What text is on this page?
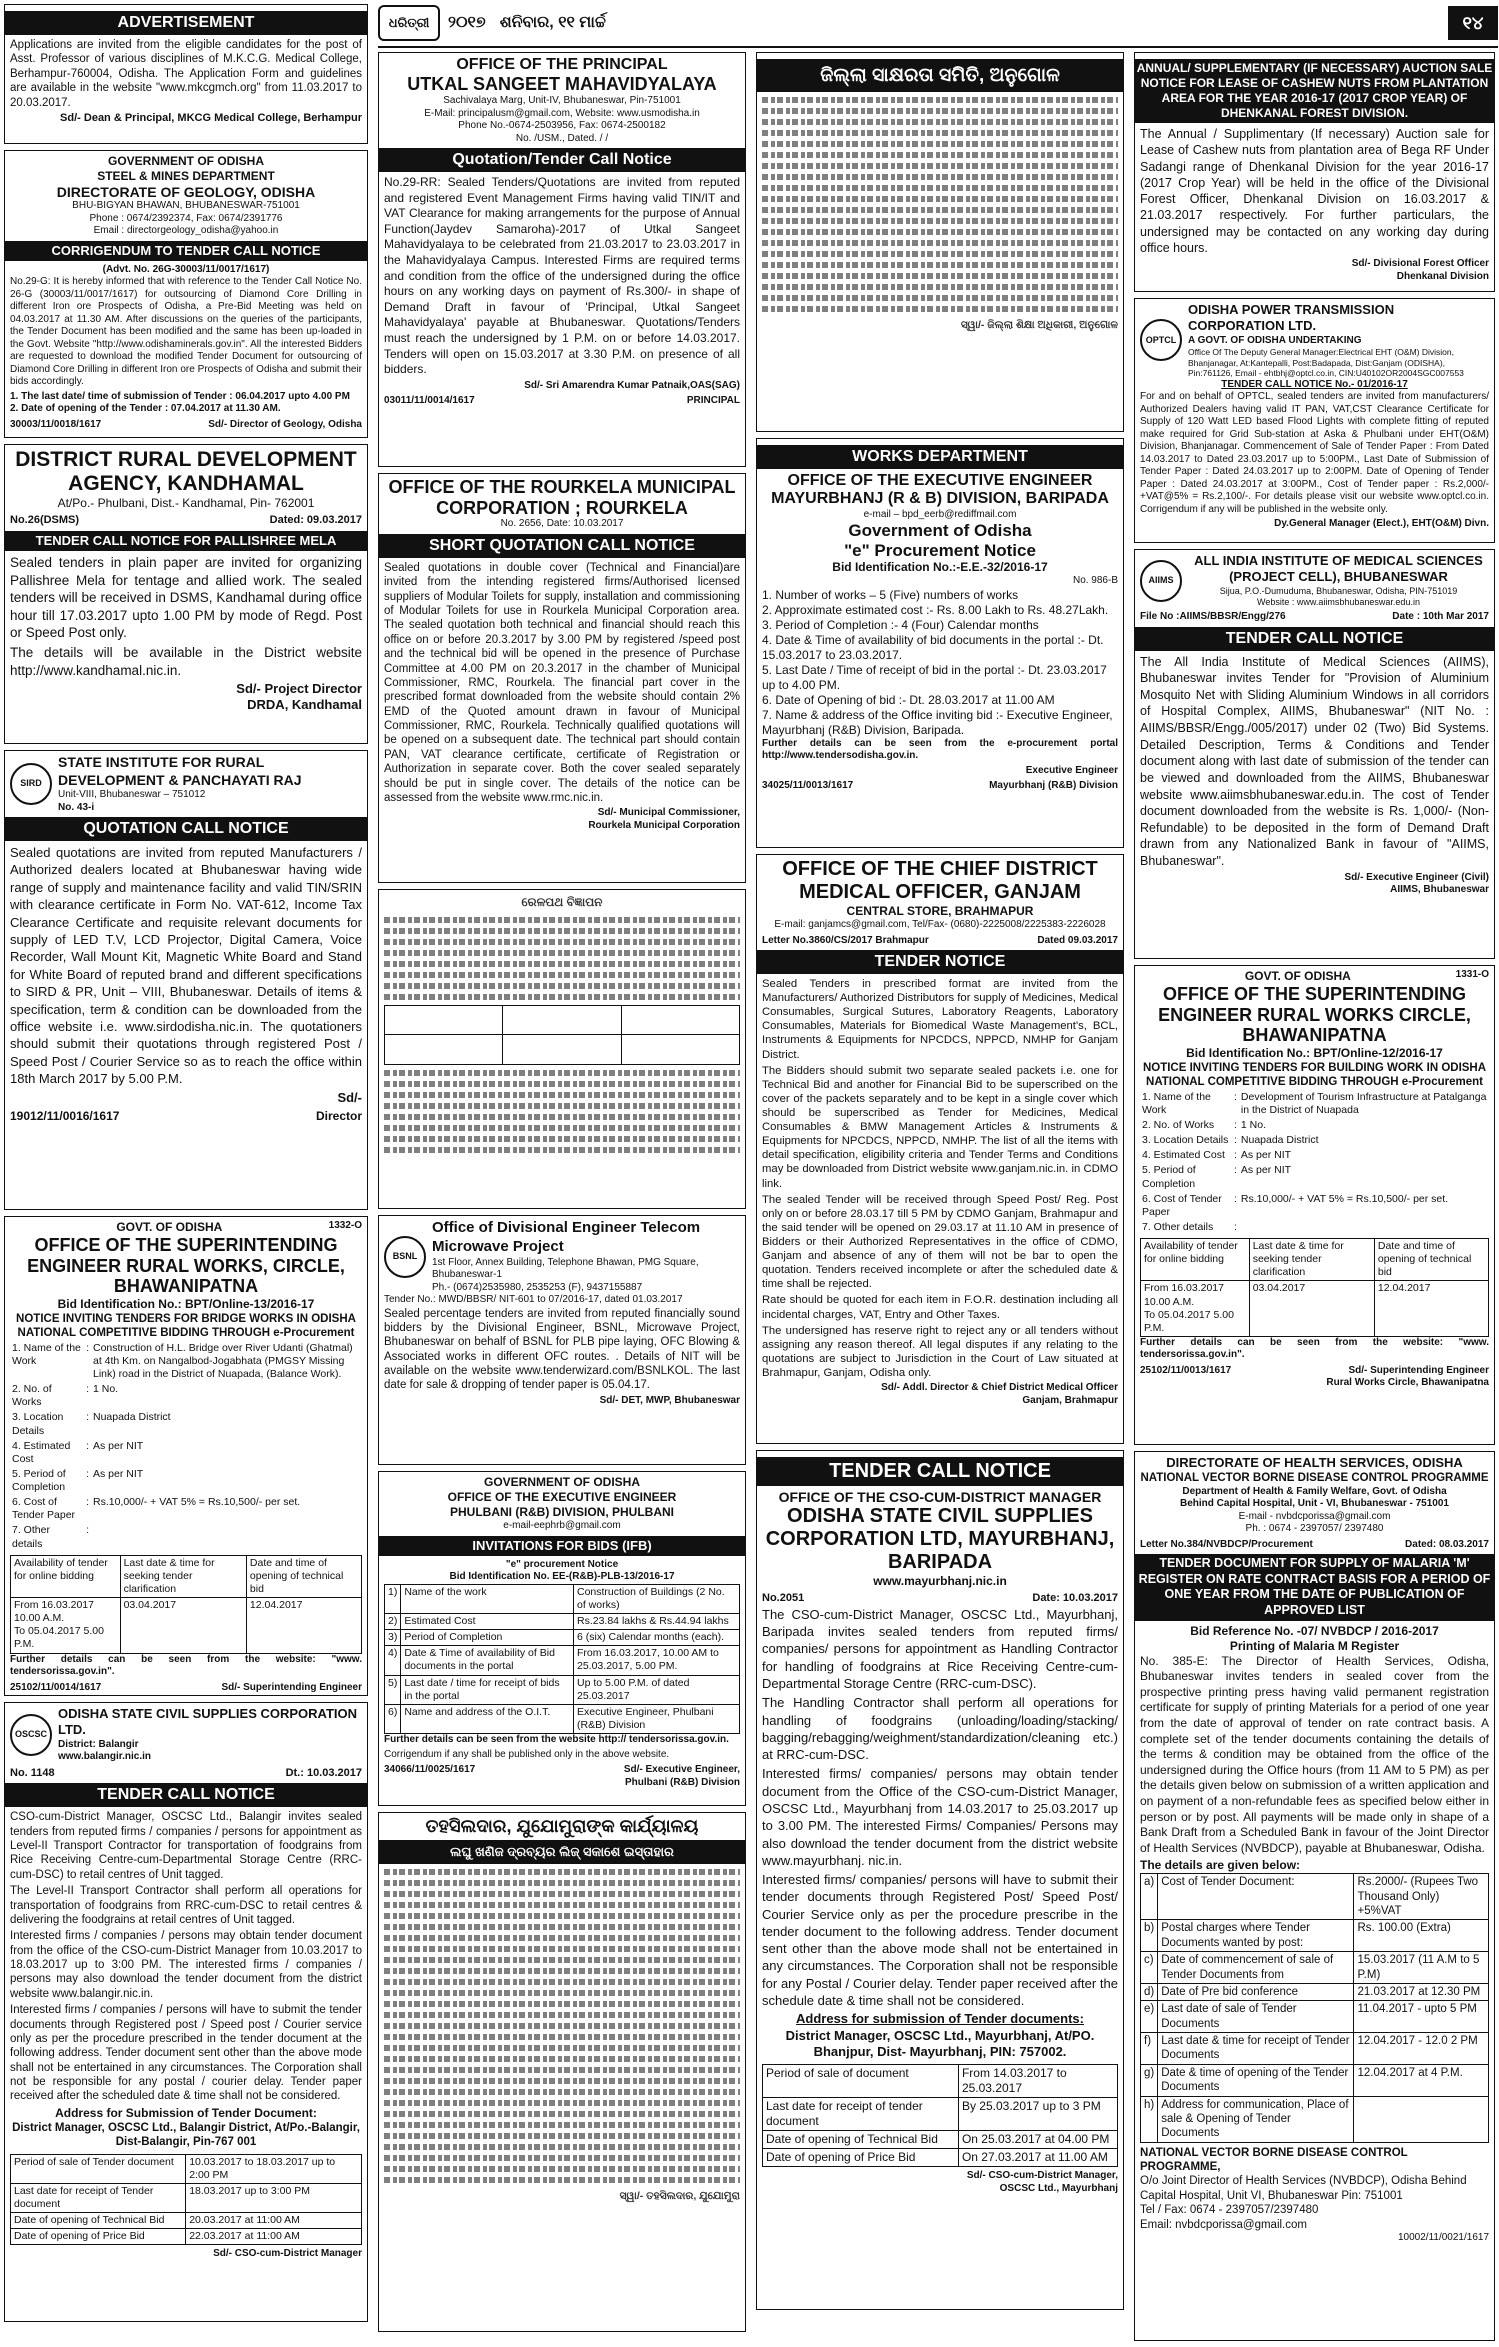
ଧରିତ୍ରୀ	୨୦୧୭ ଶନିବାର, ୧୧ ମାର୍ଚ୍ଚ	୧୪
ADVERTISEMENT

Applications are invited from the eligible candidates for the post of Asst. Professor of various disciplines of M.K.C.G. Medical College, Berhampur-760004, Odisha. The Application Form and guidelines are available in the website "www.mkcgmch.org" from 11.03.2017 to 20.03.2017.

Sd/- Dean & Principal, MKCG Medical College, Berhampur
GOVERNMENT OF ODISHA
STEEL & MINES DEPARTMENT
DIRECTORATE OF GEOLOGY, ODISHA
BHU-BIGYAN BHAWAN, BHUBANESWAR-751001
Phone : 0674/2392374, Fax: 0674/2391776
Email : directorgeology_odisha@yahoo.in
CORRIGENDUM TO TENDER CALL NOTICE
(Advt. No. 26G-30003/11/0017/1617)

No.29-G: It is hereby informed that with reference to the Tender Call Notice No. 26-G (30003/11/0017/1617) for outsourcing of Diamond Core Drilling in different Iron ore Prospects of Odisha, a Pre-Bid Meeting was held on 04.03.2017 at 11.30 AM. After discussions on the queries of the participants, the Tender Document has been modified and the same has been up-loaded in the Govt. Website "http://www.odishaminerals.gov.in". All the interested Bidders are requested to download the modified Tender Document for outsourcing of Diamond Core Drilling in different Iron ore Prospects of Odisha and submit their bids accordingly.

1. The last date/ time of submission of Tender : 06.04.2017 upto 4.00 PM
2. Date of opening of the Tender : 07.04.2017 at 11.30 AM.
30003/11/0018/1617	Sd/- Director of Geology, Odisha
DISTRICT RURAL DEVELOPMENT AGENCY, KANDHAMAL
At/Po.- Phulbani, Dist.- Kandhamal, Pin- 762001
No.26(DSMS)	Dated: 09.03.2017
TENDER CALL NOTICE FOR PALLISHREE MELA

Sealed tenders in plain paper are invited for organizing Pallishree Mela for tentage and allied work. The sealed tenders will be received in DSMS, Kandhamal during office hour till 17.03.2017 upto 1.00 PM by mode of Regd. Post or Speed Post only.

The details will be available in the District website http://www.kandhamal.nic.in.

Sd/- Project Director
DRDA, Kandhamal
SIRD
STATE INSTITUTE FOR RURAL
DEVELOPMENT & PANCHAYATI RAJ
Unit-VIII, Bhubaneswar – 751012
No. 43-i
QUOTATION CALL NOTICE

Sealed quotations are invited from reputed Manufacturers / Authorized dealers located at Bhubaneswar having wide range of supply and maintenance facility and valid TIN/SRIN with clearance certificate in Form No. VAT-612, Income Tax Clearance Certificate and requisite relevant documents for supply of LED T.V, LCD Projector, Digital Camera, Voice Recorder, Wall Mount Kit, Magnetic White Board and Stand for White Board of reputed brand and different specifications to SIRD & PR, Unit – VIII, Bhubaneswar. Details of items & specification, term & condition can be downloaded from the office website i.e. www.sirdodisha.nic.in. The quotationers should submit their quotations through registered Post / Speed Post / Courier Service so as to reach the office within 18th March 2017 by 5.00 P.M.

Sd/-
19012/11/0016/1617	Director
GOVT. OF ODISHA	1332-O
OFFICE OF THE SUPERINTENDING ENGINEER RURAL WORKS, CIRCLE, BHAWANIPATNA
Bid Identification No.: BPT/Online-13/2016-17
NOTICE INVITING TENDERS FOR BRIDGE WORKS IN ODISHA NATIONAL COMPETITIVE BIDDING THROUGH e-Procurement
1. Name of the Work	:	Construction of H.L. Bridge over River Udanti (Ghatmal) at 4th Km. on Nangalbod-Jogabhata (PMGSY Missing Link) road in the District of Nuapada, (Balance Work).
2. No. of Works	:	1 No.
3. Location Details	:	Nuapada District
4. Estimated Cost	:	As per NIT
5. Period of Completion	:	As per NIT
6. Cost of Tender Paper	:	Rs.10,000/- + VAT 5% = Rs.10,500/- per set.
7. Other details	:	
Availability of tender for online bidding	Last date & time for seeking tender clarification	Date and time of opening of technical bid

From 16.03.2017 10.00 A.M.
To 05.04.2017 5.00 P.M.	03.04.2017	12.04.2017

Further details can be seen from the website: "www. tendersorissa.gov.in".

25102/11/0014/1617	Sd/- Superintending Engineer
OSCSC
ODISHA STATE CIVIL SUPPLIES CORPORATION LTD.
District: Balangir
www.balangir.nic.in
No. 1148	Dt.: 10.03.2017
TENDER CALL NOTICE

CSO-cum-District Manager, OSCSC Ltd., Balangir invites sealed tenders from reputed firms / companies / persons for appointment as Level-II Transport Contractor for transportation of foodgrains from Rice Receiving Centre-cum-Departmental Storage Centre (RRC-cum-DSC) to retail centres of Unit tagged.

The Level-II Transport Contractor shall perform all operations for transportation of foodgrains from RRC-cum-DSC to retail centres & delivering the foodgrains at retail centres of Unit tagged.

Interested firms / companies / persons may obtain tender document from the office of the CSO-cum-District Manager from 10.03.2017 to 18.03.2017 up to 3:00 PM. The interested firms / companies / persons may also download the tender document from the district website www.balangir.nic.in.

Interested firms / companies / persons will have to submit the tender documents through Registered post / Speed post / Courier service only as per the procedure prescribed in the tender document at the following address. Tender document sent other than the above mode shall not be entertained in any circumstances. The Corporation shall not be responsible for any postal / courier delay. Tender paper received after the scheduled date & time shall not be considered.

Address for Submission of Tender Document:
District Manager, OSCSC Ltd., Balangir District, At/Po.-Balangir, Dist-Balangir, Pin-767 001
Period of sale of Tender document	10.03.2017 to 18.03.2017 up to 2:00 PM
Last date for receipt of Tender document	18.03.2017 up to 3:00 PM
Date of opening of Technical Bid	20.03.2017 at 11:00 AM
Date of opening of Price Bid	22.03.2017 at 11:00 AM
Sd/- CSO-cum-District Manager
OFFICE OF THE PRINCIPAL
UTKAL SANGEET MAHAVIDYALAYA
Sachivalaya Marg, Unit-IV, Bhubaneswar, Pin-751001
E-Mail: principalusm@gmail.com, Website: www.usmodisha.in
Phone No.-0674-2503956, Fax: 0674-2500182
No. /USM., Dated. / /
Quotation/Tender Call Notice

No.29-RR: Sealed Tenders/Quotations are invited from reputed and registered Event Management Firms having valid TIN/IT and VAT Clearance for making arrangements for the purpose of Annual Function(Jaydev Samaroha)-2017 of Utkal Sangeet Mahavidyalaya to be celebrated from 21.03.2017 to 23.03.2017 in the Mahavidyalaya Campus. Interested Firms are required terms and condition from the office of the undersigned during the office hours on any working days on payment of Rs.300/- in shape of Demand Draft in favour of 'Principal, Utkal Sangeet Mahavidyalaya' payable at Bhubaneswar. Quotations/Tenders must reach the undersigned by 1 P.M. on or before 14.03.2017. Tenders will open on 15.03.2017 at 3.30 P.M. on presence of all bidders.

Sd/- Sri Amarendra Kumar Patnaik,OAS(SAG)
03011/11/0014/1617	PRINCIPAL
OFFICE OF THE ROURKELA MUNICIPAL CORPORATION ; ROURKELA
No. 2656, Date: 10.03.2017
SHORT QUOTATION CALL NOTICE

Sealed quotations in double cover (Technical and Financial)are invited from the intending registered firms/Authorised licensed suppliers of Modular Toilets for supply, installation and commissioning of Modular Toilets for use in Rourkela Municipal Corporation area. The sealed quotation both technical and financial should reach this office on or before 20.3.2017 by 3.00 PM by registered /speed post and the technical bid will be opened in the presence of Purchase Committee at 4.00 PM on 20.3.2017 in the chamber of Municipal Commissioner, RMC, Rourkela. The financial part cover in the prescribed format downloaded from the website should contain 2% EMD of the Quoted amount drawn in favour of Municipal Commissioner, RMC, Rourkela. Technically qualified quotations will be opened on a subsequent date. The technical part should contain PAN, VAT clearance certificate, certificate of Registration or Authorization in separate cover. Both the cover sealed separately should be put in single cover. The details of the notice can be assessed from the website www.rmc.nic.in.

Sd/- Municipal Commissioner,
Rourkela Municipal Corporation
ରେଳପଥ ବିଜ୍ଞାପନ

BSNL
Office of Divisional Engineer Telecom
Microwave Project
1st Floor, Annex Building, Telephone Bhawan, PMG Square, Bhubaneswar-1
Ph.- (0674)2535980, 2535253 (F), 9437155887
Tender No.: MWD/BBSR/ NIT-601 to 07/2016-17, dated 01.03.2017

Sealed percentage tenders are invited from reputed financially sound bidders by the Divisional Engineer, BSNL, Microwave Project, Bhubaneswar on behalf of BSNL for PLB pipe laying, OFC Blowing & Associated works in different OFC routes. . Details of NIT will be available on the website www.tenderwizard.com/BSNLKOL. The last date for sale & dropping of tender paper is 05.04.17.

Sd/- DET, MWP, Bhubaneswar
GOVERNMENT OF ODISHA
OFFICE OF THE EXECUTIVE ENGINEER
PHULBANI (R&B) DIVISION, PHULBANI
e-mail-eephrb@gmail.com
INVITATIONS FOR BIDS (IFB)
"e" procurement Notice
Bid Identification No. EE-(R&B)-PLB-13/2016-17
1)	Name of the work	Construction of Buildings (2 No. of works)
2)	Estimated Cost	Rs.23.84 lakhs & Rs.44.94 lakhs
3)	Period of Completion	6 (six) Calendar months (each).
4)	Date & Time of availability of Bid documents in the portal	From 16.03.2017, 10.00 AM to 25.03.2017, 5.00 PM.
5)	Last date / time for receipt of bids in the portal	Up to 5.00 P.M. of dated 25.03.2017
6)	Name and address of the O.I.T.	Executive Engineer, Phulbani (R&B) Division

Further details can be seen from the website http:// tendersorissa.gov.in.

Corrigendum if any shall be published only in the above website.

34066/11/0025/1617	Sd/- Executive Engineer,
Phulbani (R&B) Division
ତହସିଲଦାର, ଯୁଯୋମୁରାଙ୍କ କାର୍ଯ୍ୟାଳୟ
ଲଘୁ ଖଣିଜ ଦ୍ରବ୍ୟର ଲିଜ୍ ସକାଶେ ଇସ୍ତାହାର
ସ୍ୱା/- ତହସିଲଦାର, ଯୁଯୋମୁରା
ଜିଲ୍ଲା ସାକ୍ଷରତା ସମିତି, ଅନୁଗୋଳ
ସ୍ୱା/- ଜିଲ୍ଲା ଶିକ୍ଷା ଅଧିକାରୀ, ଅନୁଗୋଳ
WORKS DEPARTMENT
OFFICE OF THE EXECUTIVE ENGINEER
MAYURBHANJ (R & B) DIVISION, BARIPADA
e-mail – bpd_eerb@rediffmail.com
Government of Odisha
"e" Procurement Notice
Bid Identification No.:-E.E.-32/2016-17
No. 986-B
1. Number of works – 5 (Five) numbers of works
2. Approximate estimated cost :- Rs. 8.00 Lakh to Rs. 48.27Lakh.
3. Period of Completion :- 4 (Four) Calendar months
4. Date & Time of availability of bid documents in the portal :- Dt. 15.03.2017 to 23.03.2017.
5. Last Date / Time of receipt of bid in the portal :- Dt. 23.03.2017 up to 4.00 PM.
6. Date of Opening of bid :- Dt. 28.03.2017 at 11.00 AM
7. Name & address of the Office inviting bid :- Executive Engineer, Mayurbhanj (R&B) Division, Baripada.

Further details can be seen from the e-procurement portal http://www.tendersodisha.gov.in.

Executive Engineer
34025/11/0013/1617	Mayurbhanj (R&B) Division
OFFICE OF THE CHIEF DISTRICT
MEDICAL OFFICER, GANJAM
CENTRAL STORE, BRAHMAPUR
E-mail: ganjamcs@gmail.com, Tel/Fax- (0680)-2225008/2225383-2226028
Letter No.3860/CS/2017 Brahmapur	Dated 09.03.2017
TENDER NOTICE

Sealed Tenders in prescribed format are invited from the Manufacturers/ Authorized Distributors for supply of Medicines, Medical Consumables, Surgical Sutures, Laboratory Reagents, Laboratory Consumables, Materials for Biomedical Waste Management's, BCL, Instruments & Equipments for NPCDCS, NPPCD, NMHP for Ganjam District.

The Bidders should submit two separate sealed packets i.e. one for Technical Bid and another for Financial Bid to be superscribed on the cover of the packets separately and to be kept in a single cover which should be superscribed as Tender for Medicines, Medical Consumables & BMW Management Articles & Instruments & Equipments for NPCDCS, NPPCD, NMHP. The list of all the items with detail specification, eligibility criteria and Tender Terms and Conditions may be downloaded from District website www.ganjam.nic.in. in CDMO link.

The sealed Tender will be received through Speed Post/ Reg. Post only on or before 28.03.17 till 5 PM by CDMO Ganjam, Brahmapur and the said tender will be opened on 29.03.17 at 11.10 AM in presence of Bidders or their Authorized Representatives in the office of CDMO, Ganjam and absence of any of them will not be bar to open the quotation. Tenders received incomplete or after the scheduled date & time shall be rejected.

Rate should be quoted for each item in F.O.R. destination including all incidental charges, VAT, Entry and Other Taxes.

The undersigned has reserve right to reject any or all tenders without assigning any reason thereof. All legal disputes if any relating to the quotations are subject to Jurisdiction in the Court of Law situated at Brahmapur, Ganjam, Odisha only.

Sd/- Addl. Director & Chief District Medical Officer
Ganjam, Brahmapur
TENDER CALL NOTICE
OFFICE OF THE CSO-CUM-DISTRICT MANAGER
ODISHA STATE CIVIL SUPPLIES CORPORATION LTD, MAYURBHANJ, BARIPADA
www.mayurbhanj.nic.in
No.2051	Date: 10.03.2017

The CSO-cum-District Manager, OSCSC Ltd., Mayurbhanj, Baripada invites sealed tenders from reputed firms/ companies/ persons for appointment as Handling Contractor for handling of foodgrains at Rice Receiving Centre-cum-Departmental Storage Centre (RRC-cum-DSC).

The Handling Contractor shall perform all operations for handling of foodgrains (unloading/loading/stacking/ bagging/rebagging/weighment/standardization/cleaning etc.) at RRC-cum-DSC.

Interested firms/ companies/ persons may obtain tender document from the Office of the CSO-cum-District Manager, OSCSC Ltd., Mayurbhanj from 14.03.2017 to 25.03.2017 up to 3.00 PM. The interested Firms/ Companies/ Persons may also download the tender document from the district website www.mayurbhanj. nic.in.

Interested firms/ companies/ persons will have to submit their tender documents through Registered Post/ Speed Post/ Courier Service only as per the procedure prescribe in the tender document to the following address. Tender document sent other than the above mode shall not be entertained in any circumstances. The Corporation shall not be responsible for any Postal / Courier delay. Tender paper received after the schedule date & time shall not be considered.

Address for submission of Tender documents:
District Manager, OSCSC Ltd., Mayurbhanj, At/PO. Bhanjpur, Dist- Mayurbhanj, PIN: 757002.
Period of sale of document	From 14.03.2017 to 25.03.2017
Last date for receipt of tender document	By 25.03.2017 up to 3 PM
Date of opening of Technical Bid	On 25.03.2017 at 04.00 PM
Date of opening of Price Bid	On 27.03.2017 at 11.00 AM
Sd/- CSO-cum-District Manager,
OSCSC Ltd., Mayurbhanj
ANNUAL/ SUPPLEMENTARY (IF NECESSARY) AUCTION SALE NOTICE FOR LEASE OF CASHEW NUTS FROM PLANTATION AREA FOR THE YEAR 2016-17 (2017 CROP YEAR) OF DHENKANAL FOREST DIVISION.

The Annual / Supplimentary (If necessary) Auction sale for Lease of Cashew nuts from plantation area of Bega RF Under Sadangi range of Dhenkanal Division for the year 2016-17 (2017 Crop Year) will be held in the office of the Divisional Forest Officer, Dhenkanal Division on 16.03.2017 & 21.03.2017 respectively. For further particulars, the undersigned may be contacted on any working day during office hours.

Sd/- Divisional Forest Officer
Dhenkanal Division
OPTCL
ODISHA POWER TRANSMISSION CORPORATION LTD.
A GOVT. OF ODISHA UNDERTAKING
Office Of The Deputy General Manager:Electrical EHT (O&M) Division, Bhanjanagar, At:Kantepalli, Post:Badapada, Dist:Ganjam (ODISHA), Pin:761126, Email - ehtbhj@optcl.co.in, CIN:U40102OR2004SGC007553
TENDER CALL NOTICE No.- 01/2016-17

For and on behalf of OPTCL, sealed tenders are invited from manufacturers/ Authorized Dealers having valid IT PAN, VAT,CST Clearance Certificate for Supply of 120 Watt LED based Flood Lights with complete fitting of reputed make required for Grid Sub-station at Aska & Phulbani under EHT(O&M) Division, Bhanjanagar. Commencement of Sale of Tender Paper : From Dated 14.03.2017 to Dated 23.03.2017 up to 5:00PM., Last Date of Submission of Tender Paper : Dated 24.03.2017 up to 2:00PM. Date of Opening of Tender Paper : Dated 24.03.2017 at 3:00PM., Cost of Tender paper : Rs.2,000/- +VAT@5% = Rs.2,100/-. For details please visit our website www.optcl.co.in. Corrigendum if any will be published in the website only.

Dy.General Manager (Elect.), EHT(O&M) Divn.
AIIMS
ALL INDIA INSTITUTE OF MEDICAL SCIENCES (PROJECT CELL), BHUBANESWAR
Sijua, P.O.-Dumuduma, Bhubaneswar, Odisha, PIN-751019
Website : www.aiimsbhubaneswar.edu.in
File No :AIIMS/BBSR/Engg/276	Date : 10th Mar 2017
TENDER CALL NOTICE

The All India Institute of Medical Sciences (AIIMS), Bhubaneswar invites Tender for "Provision of Aluminium Mosquito Net with Sliding Aluminium Windows in all corridors of Hospital Complex, AIIMS, Bhubaneswar" (NIT No. : AIIMS/BBSR/Engg./005/2017) under 02 (Two) Bid Systems. Detailed Description, Terms & Conditions and Tender document along with last date of submission of the tender can be viewed and downloaded from the AIIMS, Bhubaneswar website www.aiimsbhubaneswar.edu.in. The cost of Tender document downloaded from the website is Rs. 1,000/- (Non-Refundable) to be deposited in the form of Demand Draft drawn from any Nationalized Bank in favour of "AIIMS, Bhubaneswar".

Sd/- Executive Engineer (Civil)
AIIMS, Bhubaneswar
GOVT. OF ODISHA	1331-O
OFFICE OF THE SUPERINTENDING ENGINEER RURAL WORKS CIRCLE, BHAWANIPATNA
Bid Identification No.: BPT/Online-12/2016-17
NOTICE INVITING TENDERS FOR BUILDING WORK IN ODISHA NATIONAL COMPETITIVE BIDDING THROUGH e-Procurement
1. Name of the Work	:	Development of Tourism Infrastructure at Patalganga in the District of Nuapada
2. No. of Works	:	1 No.
3. Location Details	:	Nuapada District
4. Estimated Cost	:	As per NIT
5. Period of Completion	:	As per NIT
6. Cost of Tender Paper	:	Rs.10,000/- + VAT 5% = Rs.10,500/- per set.
7. Other details	:	
Availability of tender for online bidding	Last date & time for seeking tender clarification	Date and time of opening of technical bid

From 16.03.2017 10.00 A.M.
To 05.04.2017 5.00 P.M.	03.04.2017	12.04.2017

Further details can be seen from the website: "www. tendersorissa.gov.in".

25102/11/0013/1617	Sd/- Superintending Engineer
Rural Works Circle, Bhawanipatna
DIRECTORATE OF HEALTH SERVICES, ODISHA
NATIONAL VECTOR BORNE DISEASE CONTROL PROGRAMME
Department of Health & Family Welfare, Govt. of Odisha
Behind Capital Hospital, Unit - VI, Bhubaneswar - 751001
E-mail - nvbdcporissa@gmail.com
Ph. : 0674 - 2397057/ 2397480
Letter No.384/NVBDCP/Procurement	Dated: 08.03.2017
TENDER DOCUMENT FOR SUPPLY OF MALARIA 'M' REGISTER ON RATE CONTRACT BASIS FOR A PERIOD OF ONE YEAR FROM THE DATE OF PUBLICATION OF APPROVED LIST
Bid Reference No. -07/ NVBDCP / 2016-2017
Printing of Malaria M Register

No. 385-E: The Director of Health Services, Odisha, Bhubaneswar invites tenders in sealed cover from the prospective printing press having valid permanent registration certificate for supply of printing Materials for a period of one year from the date of approval of tender on rate contract basis. A complete set of the tender documents containing the details of the terms & condition may be obtained from the office of the undersigned during the Office hours (from 11 AM to 5 PM) as per the details given below on submission of a written application and on payment of a non-refundable fees as specified below either in person or by post. All payments will be made only in shape of a Bank Draft from a Scheduled Bank in favour of the Joint Director of Health Services (NVBDCP), payable at Bhubaneswar, Odisha.

The details are given below:
a)	Cost of Tender Document:	Rs.2000/- (Rupees Two Thousand Only) +5%VAT
b)	Postal charges where Tender Documents wanted by post:	Rs. 100.00 (Extra)
c)	Date of commencement of sale of Tender Documents from	15.03.2017 (11 A.M to 5 P.M)
d)	Date of Pre bid conference	21.03.2017 at 12.30 PM
e)	Last date of sale of Tender Documents	11.04.2017 - upto 5 PM
f)	Last date & time for receipt of Tender Documents	12.04.2017 - 12.0 2 PM
g)	Date & time of opening of the Tender Documents	12.04.2017 at 4 P.M.
h)	Address for communication, Place of sale & Opening of Tender Documents	
NATIONAL VECTOR BORNE DISEASE CONTROL PROGRAMME,
O/o Joint Director of Health Services (NVBDCP), Odisha Behind Capital Hospital, Unit VI, Bhubaneswar Pin: 751001
Tel / Fax: 0674 - 2397057/2397480
Email: nvbdcporissa@gmail.com
10002/11/0021/1617
